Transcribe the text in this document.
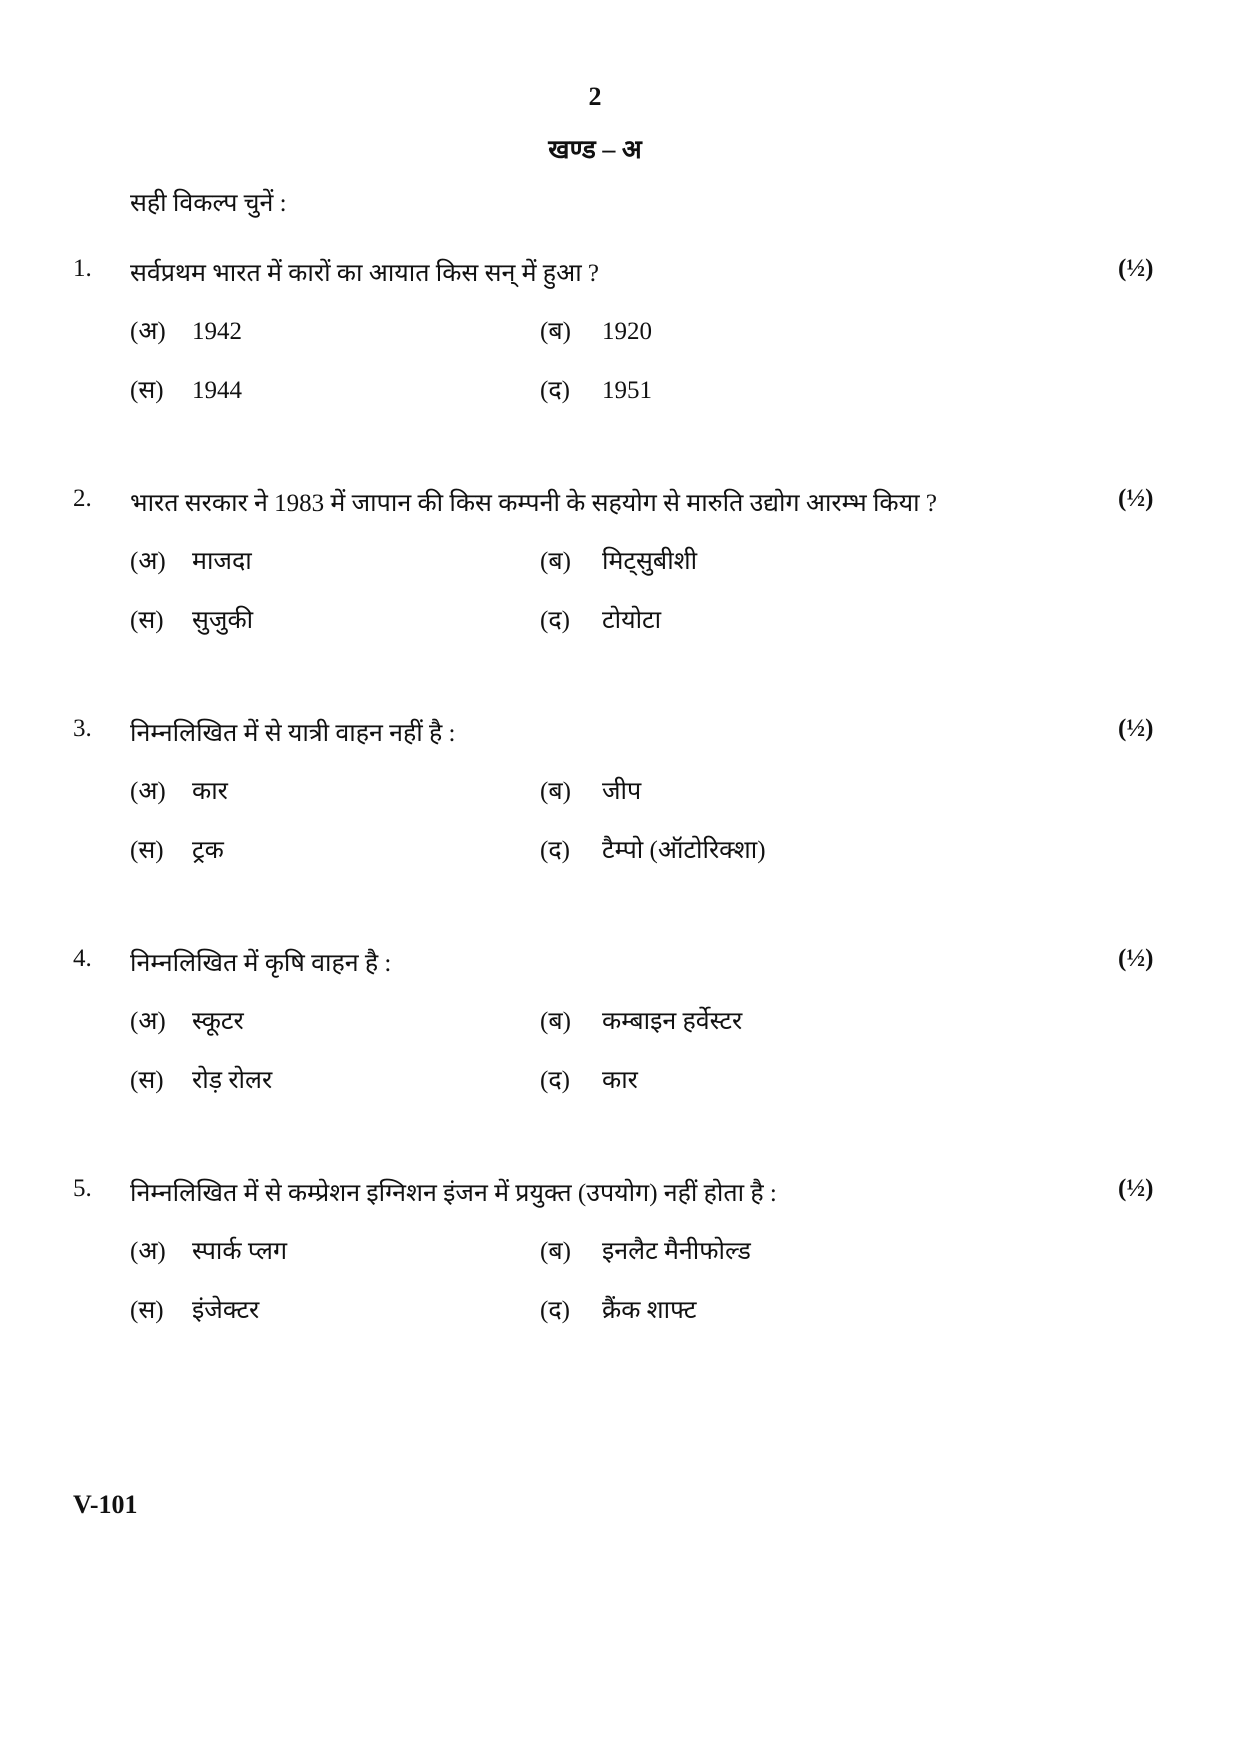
2
खण्ड – अ
सही विकल्प चुनें :
1. सर्वप्रथम भारत में कारों का आयात किस सन् में हुआ ?	(½)
(अ) 1942	(ब) 1920
(स) 1944	(द) 1951
2. भारत सरकार ने 1983 में जापान की किस कम्पनी के सहयोग से मारुति उद्योग आरम्भ किया ?	(½)
(अ) माजदा	(ब) मिट्सुबीशी
(स) सुजुकी	(द) टोयोटा
3. निम्नलिखित में से यात्री वाहन नहीं है :	(½)
(अ) कार	(ब) जीप
(स) ट्रक	(द) टैम्पो (ऑटोरिक्शा)
4. निम्नलिखित में कृषि वाहन है :	(½)
(अ) स्कूटर	(ब) कम्बाइन हर्वेस्टर
(स) रोड़ रोलर	(द) कार
5. निम्नलिखित में से कम्प्रेशन इग्निशन इंजन में प्रयुक्त (उपयोग) नहीं होता है :	(½)
(अ) स्पार्क प्लग	(ब) इनलैट मैनीफोल्ड
(स) इंजेक्टर	(द) क्रैंक शाफ्ट
V-101
